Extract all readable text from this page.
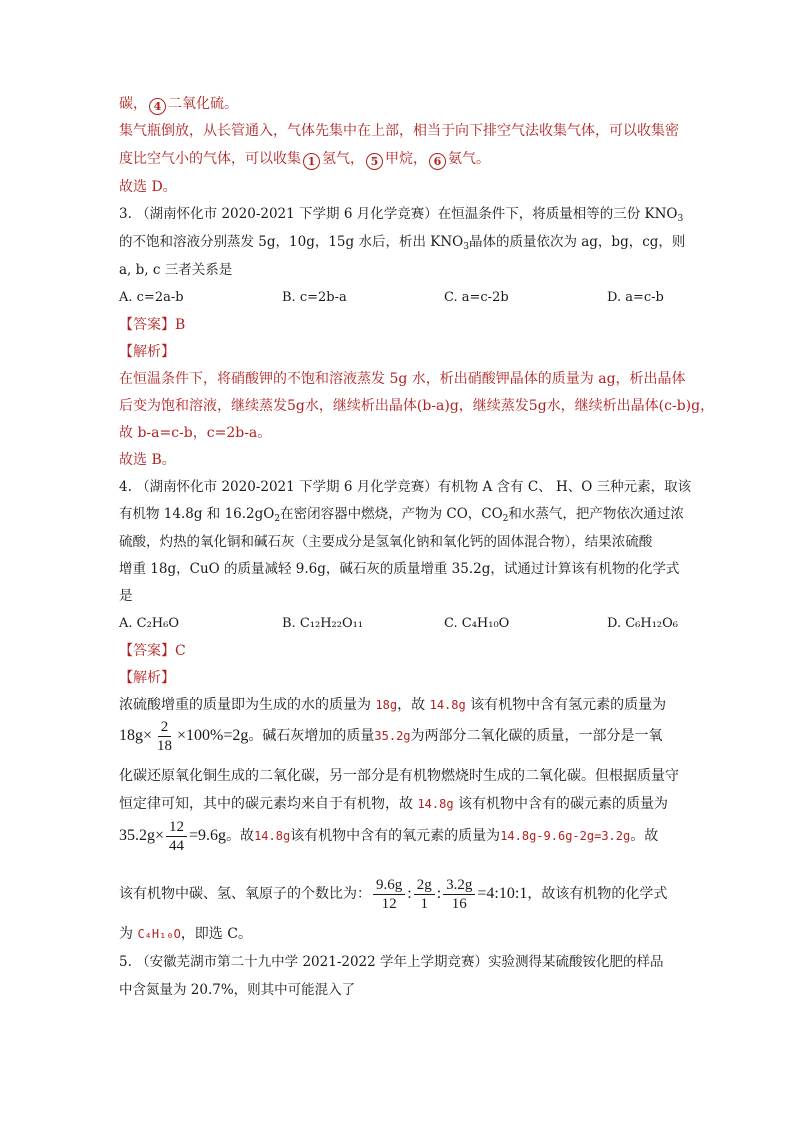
碳， 4 二氧化硫。
集气瓶倒放，从长管通入，气体先集中在上部，相当于向下排空气法收集气体，可以收集密
度比空气小的气体，可以收集 1 氢气， 5 甲烷， 6 氨气。
故选 D。
3. （湖南怀化市 2020-2021 下学期 6 月化学竞赛）在恒温条件下，将质量相等的三份 $KNO_3$
的不饱和溶液分别蒸发 5g，10g，15g 水后，析出 $KNO_3$晶体的质量依次为 ag，bg，cg，则
a, b, c 三者关系是
A. c=2a-b	B. c=2b-a	C. a=c-2b	D. a=c-b
【答案】B
【解析】
在恒温条件下，将硝酸钾的不饱和溶液蒸发 5g 水，析出硝酸钾晶体的质量为 ag，析出晶体
后变为饱和溶液，继续蒸发5g水，继续析出晶体(b-a)g，继续蒸发5g水，继续析出晶体(c-b)g，
故 b-a=c-b，c=2b-a。
故选 B。
4. （湖南怀化市 2020-2021 下学期 6 月化学竞赛）有机物 A 含有 C、 H、O 三种元素，取该
有机物 14.8g 和 $16.2gO_2$在密闭容器中燃烧，产物为 CO，$CO_2$和水蒸气，把产物依次通过浓
硫酸，灼热的氧化铜和碱石灰（主要成分是氢氧化钠和氧化钙的固体混合物），结果浓硫酸
增重 18g，CuO 的质量减轻 9.6g，碱石灰的质量增重 35.2g，试通过计算该有机物的化学式
是
A. C₂H₆O	B. C₁₂H₂₂O₁₁	C. C₄H₁₀O	D. C₆H₁₂O₆
【答案】C
【解析】
浓硫酸增重的质量即为生成的水的质量为 18g，故 14.8g 该有机物中含有氢元素的质量为
$18g\times \frac{2}{18} \times 100\%=2g$ 。碱石灰增加的质量 35.2g 为两部分二氧化碳的质量，一部分是一氧
化碳还原氧化铜生成的二氧化碳，另一部分是有机物燃烧时生成的二氧化碳。但根据质量守
恒定律可知，其中的碳元素均来自于有机物，故 14.8g 该有机物中含有的碳元素的质量为
$35.2g\times \frac{12}{44} =9.6g$ 。故 14.8g 该有机物中含有的氧元素的质量为 14.8g-9.6g-2g=3.2g 。故
该有机物中碳、氢、氧原子的个数比为： $\frac{9.6g}{12}$ : $\frac{2g}{1}$ : $\frac{3.2g}{16}$ =4:10:1 ，故该有机物的化学式
为 C₄H₁₀O，即选 C。
5. （安徽芜湖市第二十九中学 2021-2022 学年上学期竞赛）实验测得某硫酸铵化肥的样品
中含氮量为 20.7%，则其中可能混入了
